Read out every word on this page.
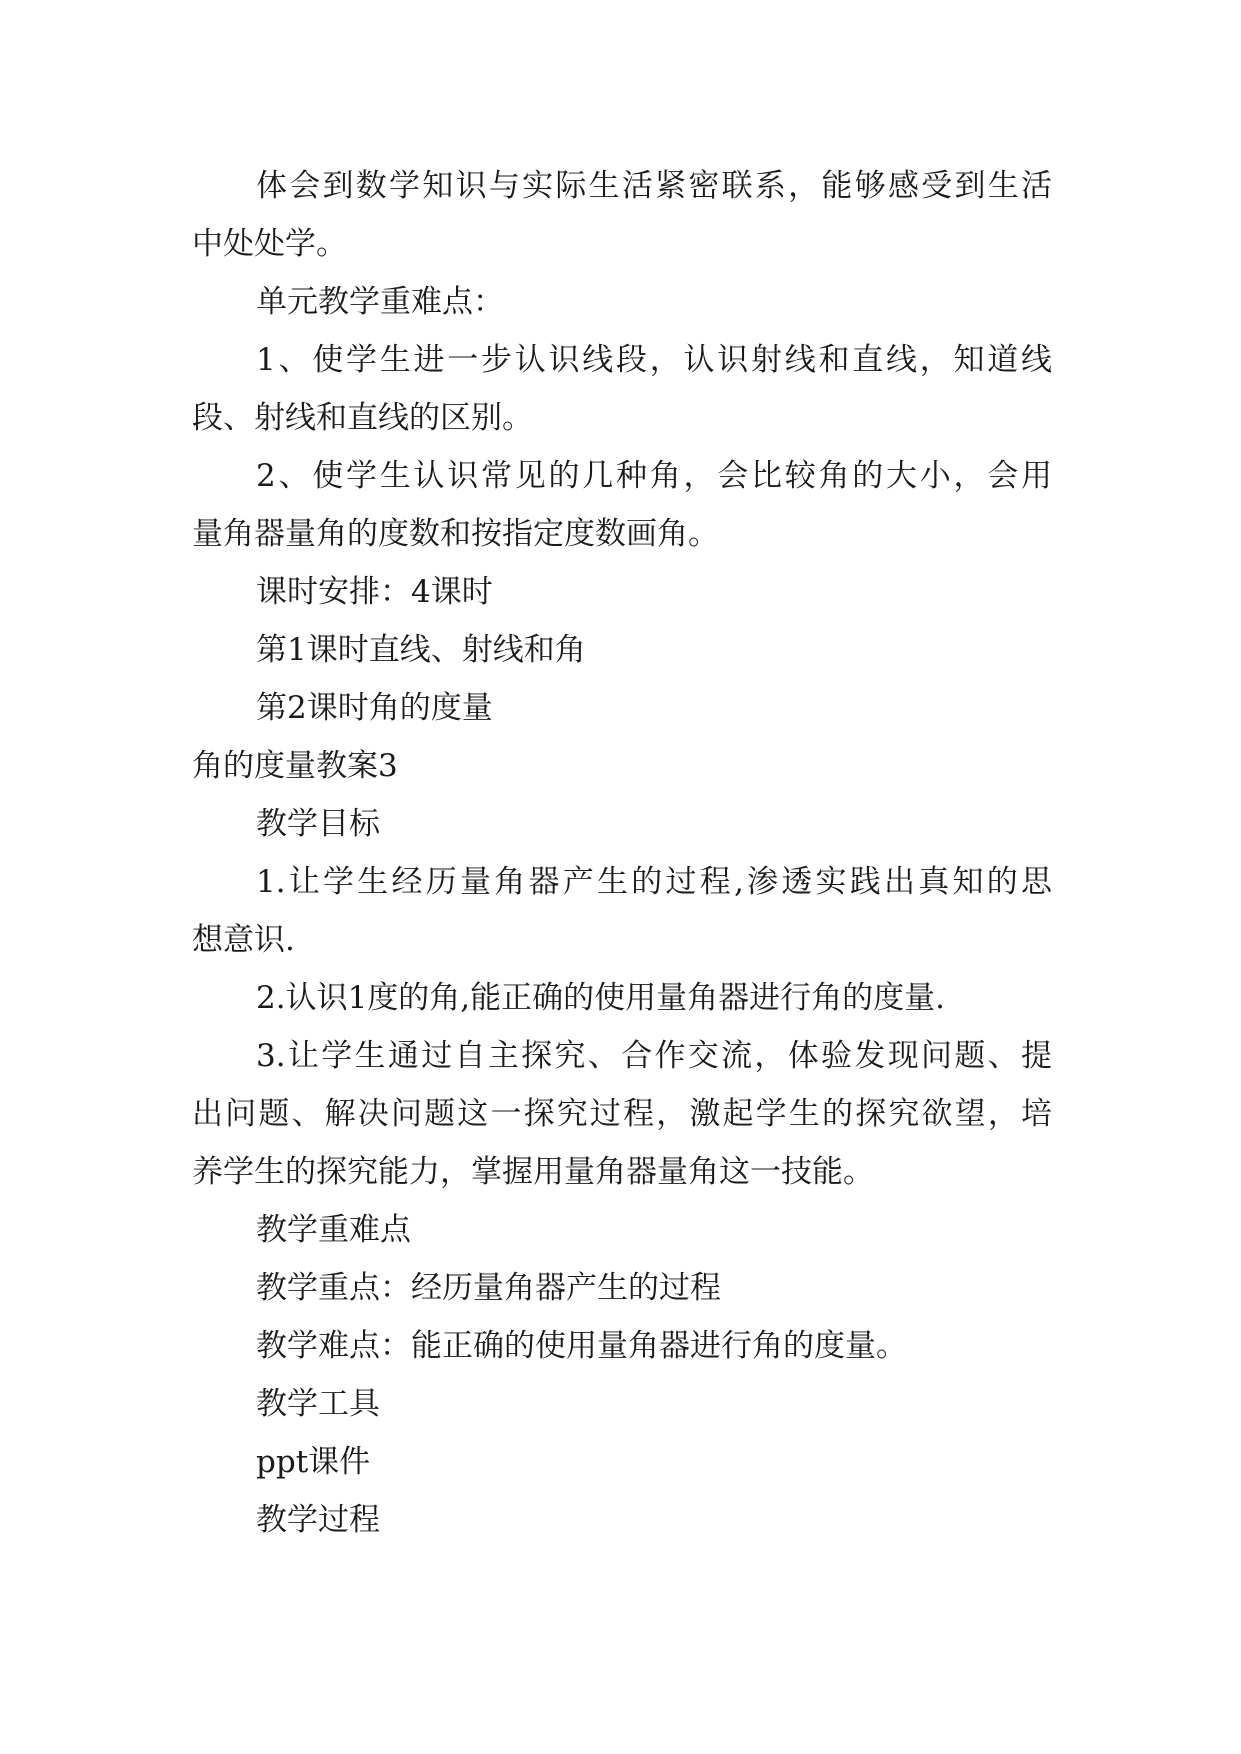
体会到数学知识与实际生活紧密联系，能够感受到生活
中处处学。
单元教学重难点：
1、使学生进一步认识线段，认识射线和直线，知道线
段、射线和直线的区别。
2、使学生认识常见的几种角，会比较角的大小，会用
量角器量角的度数和按指定度数画角。
课时安排：4课时
第1课时直线、射线和角
第2课时角的度量
角的度量教案3
教学目标
1.让学生经历量角器产生的过程,渗透实践出真知的思
想意识.
2.认识1度的角,能正确的使用量角器进行角的度量.
3.让学生通过自主探究、合作交流，体验发现问题、提
出问题、解决问题这一探究过程，激起学生的探究欲望，培
养学生的探究能力，掌握用量角器量角这一技能。
教学重难点
教学重点：经历量角器产生的过程
教学难点：能正确的使用量角器进行角的度量。
教学工具
ppt课件
教学过程
